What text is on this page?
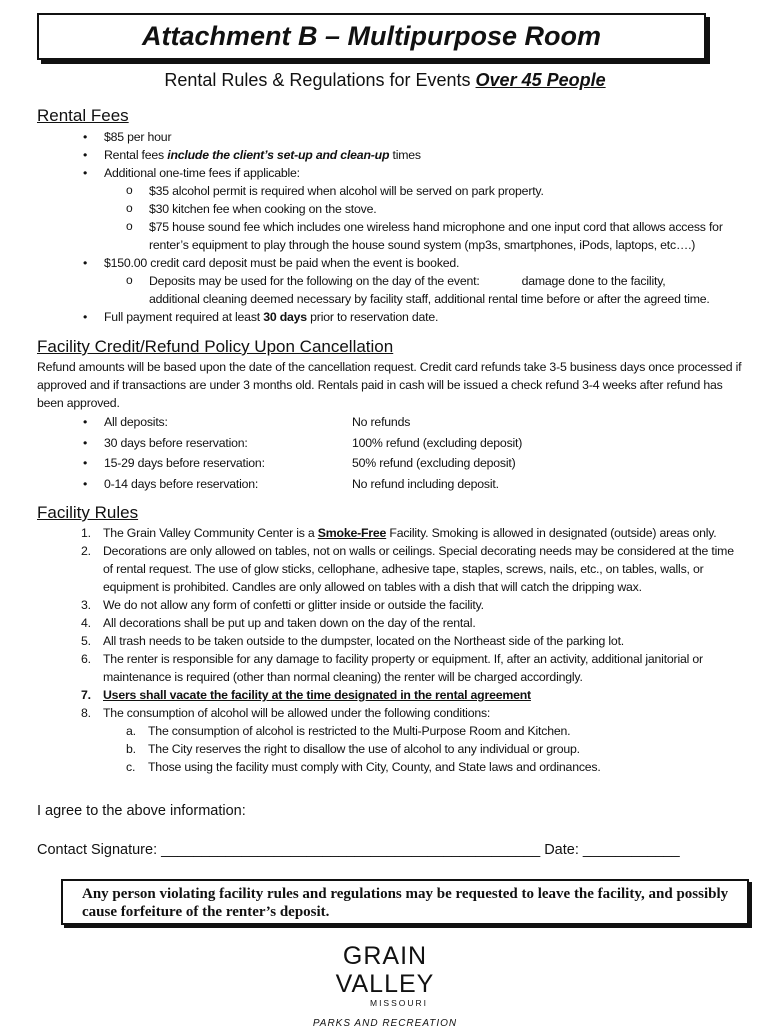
Attachment B – Multipurpose Room
Rental Rules & Regulations for Events Over 45 People
Rental Fees
• $85 per hour
• Rental fees include the client’s set-up and clean-up times
• Additional one-time fees if applicable:
o $35 alcohol permit is required when alcohol will be served on park property.
o $30 kitchen fee when cooking on the stove.
o $75 house sound fee which includes one wireless hand microphone and one input cord that allows access for renter’s equipment to play through the house sound system (mp3s, smartphones, iPods, laptops, etc….)
• $150.00 credit card deposit must be paid when the event is booked.
o Deposits may be used for the following on the day of the event:	damage done to the facility,
additional cleaning deemed necessary by facility staff, additional rental time before or after the agreed time.
• Full payment required at least 30 days prior to reservation date.
Facility Credit/Refund Policy Upon Cancellation
Refund amounts will be based upon the date of the cancellation request. Credit card refunds take 3-5 business days once processed if approved and if transactions are under 3 months old. Rentals paid in cash will be issued a check refund 3-4 weeks after refund has been approved.
• All deposits:	No refunds
• 30 days before reservation:	100% refund (excluding deposit)
• 15-29 days before reservation:	50% refund (excluding deposit)
• 0-14 days before reservation:	No refund including deposit.
Facility Rules
1. The Grain Valley Community Center is a Smoke-Free Facility. Smoking is allowed in designated (outside) areas only.
2. Decorations are only allowed on tables, not on walls or ceilings. Special decorating needs may be considered at the time of rental request. The use of glow sticks, cellophane, adhesive tape, staples, screws, nails, etc., on tables, walls, or equipment is prohibited. Candles are only allowed on tables with a dish that will catch the dripping wax.
3. We do not allow any form of confetti or glitter inside or outside the facility.
4. All decorations shall be put up and taken down on the day of the rental.
5. All trash needs to be taken outside to the dumpster, located on the Northeast side of the parking lot.
6. The renter is responsible for any damage to facility property or equipment. If, after an activity, additional janitorial or maintenance is required (other than normal cleaning) the renter will be charged accordingly.
7. Users shall vacate the facility at the time designated in the rental agreement
8. The consumption of alcohol will be allowed under the following conditions:
a. The consumption of alcohol is restricted to the Multi-Purpose Room and Kitchen.
b. The City reserves the right to disallow the use of alcohol to any individual or group.
c. Those using the facility must comply with City, County, and State laws and ordinances.
I agree to the above information:
Contact Signature: _______________________________________________ Date: ____________
Any person violating facility rules and regulations may be requested to leave the facility, and possibly cause forfeiture of the renter’s deposit.
GRAIN VALLEY
MISSOURI
PARKS AND RECREATION
